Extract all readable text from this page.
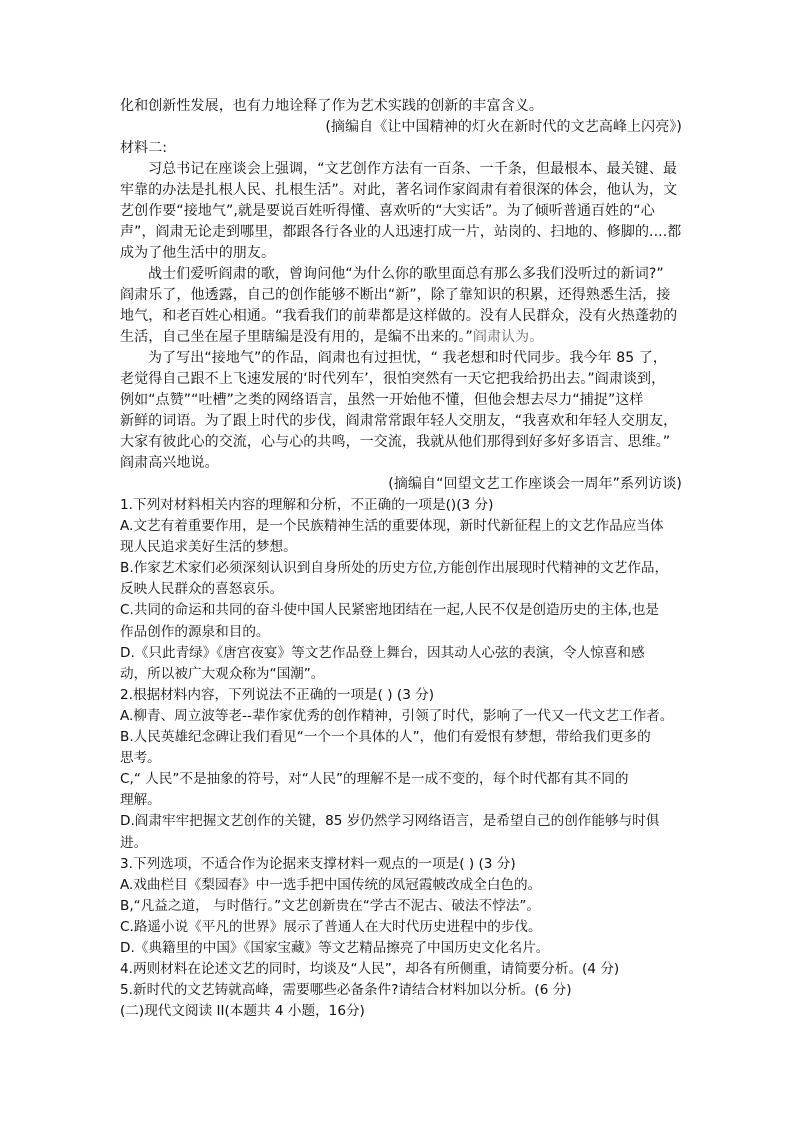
化和创新性发展，也有力地诠释了作为艺术实践的创新的丰富含义。
(摘编自《让中国精神的灯火在新时代的文艺高峰上闪亮》)
材料二:
习总书记在座谈会上强调，“文艺创作方法有一百条、一千条，但最根本、最关键、最
牢靠的办法是扎根人民、扎根生活”。对此，著名词作家阎肃有着很深的体会，他认为，文
艺创作要“接地气”,就是要说百姓听得懂、喜欢听的“大实话”。为了倾听普通百姓的“心
声”，阎肃无论走到哪里，都跟各行各业的人迅速打成一片，站岗的、扫地的、修脚的....都
成为了他生活中的朋友。
战士们爱听阎肃的歌，曾询问他“为什么你的歌里面总有那么多我们没听过的新词?”
阎肃乐了，他透露，自己的创作能够不断出“新”，除了靠知识的积累，还得熟悉生活，接
地气，和老百姓心相通。“我看我们的前辈都是这样做的。没有人民群众，没有火热蓬勃的
生活，自己坐在屋子里瞎编是没有用的，是编不出来的。”阎肃认为。
为了写出“接地气”的作品，阎肃也有过担忧，“ 我老想和时代同步。我今年 85 了，
老觉得自己跟不上飞速发展的‘时代列车’，很怕突然有一天它把我给扔出去。”阎肃谈到，
例如“点赞”“吐槽”之类的网络语言，虽然一开始他不懂，但他会想去尽力“捕捉”这样
新鲜的词语。为了跟上时代的步伐，阎肃常常跟年轻人交朋友，“我喜欢和年轻人交朋友，
大家有彼此心的交流，心与心的共鸣，一交流，我就从他们那得到好多好多语言、思维。”
阎肃高兴地说。
(摘编自“回望文艺工作座谈会一周年”系列访谈)
1.下列对材料相关内容的理解和分析，不正确的一项是()(3 分)
A.文艺有着重要作用，是一个民族精神生活的重要体现，新时代新征程上的文艺作品应当体
现人民追求美好生活的梦想。
B.作家艺术家们必须深刻认识到自身所处的历史方位,方能创作出展现时代精神的文艺作品，
反映人民群众的喜怒哀乐。
C.共同的命运和共同的奋斗使中国人民紧密地团结在一起,人民不仅是创造历史的主体,也是
作品创作的源泉和目的。
D.《只此青绿》《唐宫夜宴》等文艺作品登上舞台，因其动人心弦的表演，令人惊喜和感
动，所以被广大观众称为“国潮”。
2.根据材料内容，下列说法不正确的一项是( ) (3 分)
A.柳青、周立波等老--辈作家优秀的创作精神，引领了时代，影响了一代又一代文艺工作者。
B.人民英雄纪念碑让我们看见“一个一个具体的人”，他们有爱恨有梦想，带给我们更多的
思考。
C,“ 人民”不是抽象的符号，对“人民”的理解不是一成不变的，每个时代都有其不同的
理解。
D.阎肃牢牢把握文艺创作的关键，85 岁仍然学习网络语言，是希望自己的创作能够与时俱
进。
3.下列选项，不适合作为论据来支撑材料一观点的一项是( ) (3 分)
A.戏曲栏目《梨园春》中一选手把中国传统的凤冠霞帔改成全白色的。
B,“凡益之道， 与时偕行。”文艺创新贵在“学古不泥古、破法不悖法”。
C.路遥小说《平凡的世界》展示了普通人在大时代历史进程中的步伐。
D.《典籍里的中国》《国家宝藏》等文艺精品擦亮了中国历史文化名片。
4.两则材料在论述文艺的同时，均谈及“人民”，却各有所侧重，请简要分析。(4 分)
5.新时代的文艺铸就高峰，需要哪些必备条件?请结合材料加以分析。(6 分)
(二)现代文阅读 II(本题共 4 小题，16分)
